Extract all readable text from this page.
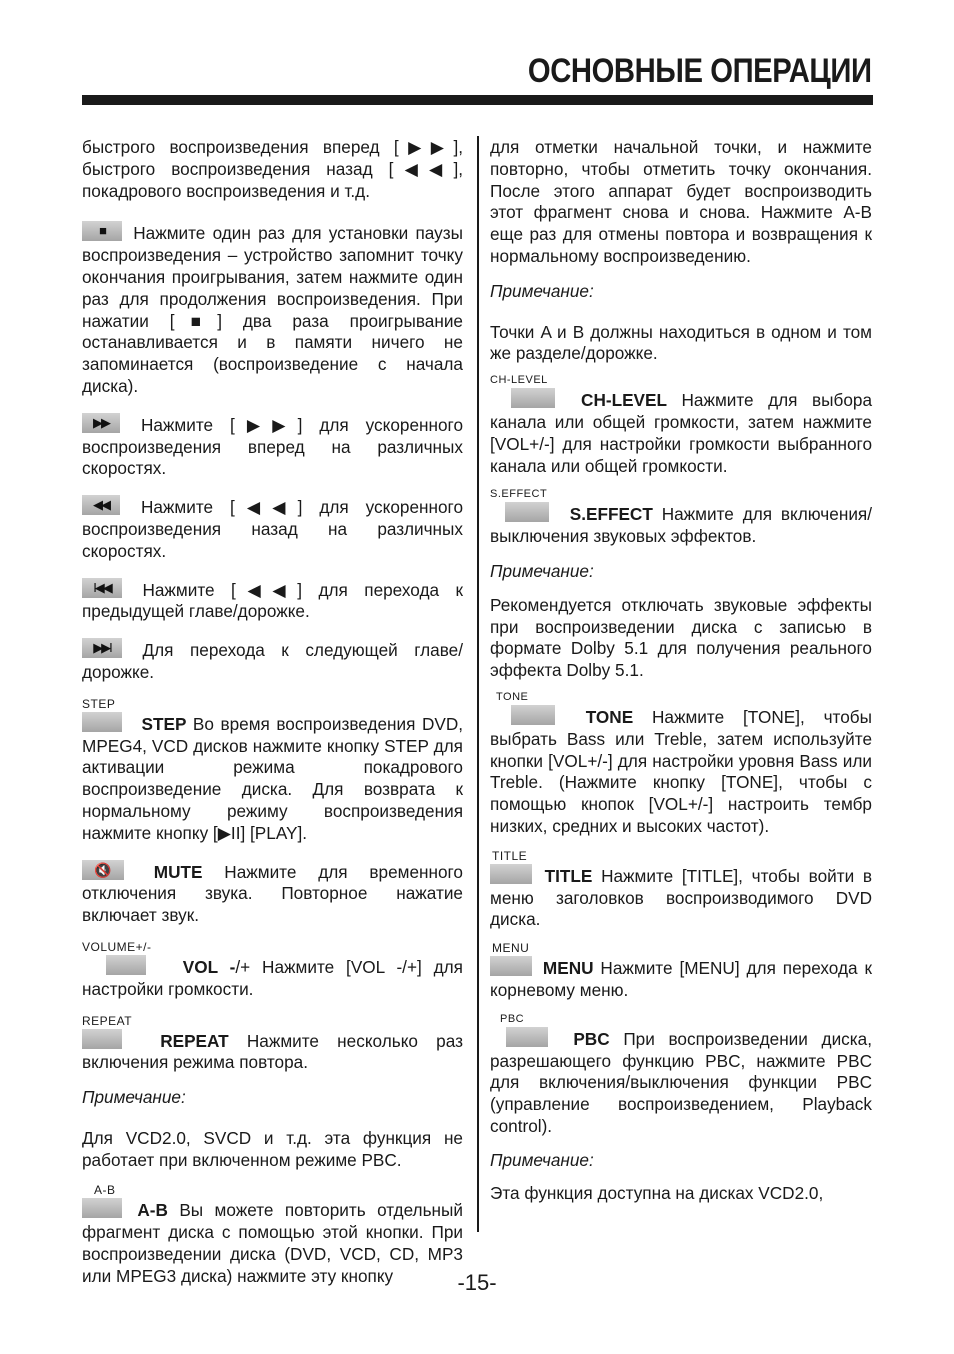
ОСНОВНЫЕ ОПЕРАЦИИ

быстрого воспроизведения вперед [▶▶], быстрого воспроизведения назад [◀◀], покадрового воспроизведения и т.д.

■	Нажмите один раз для установки паузы воспроизведения – устройство запомнит точку окончания проигрывания, затем нажмите один раз для продолжения воспроизведения. При нажатии [■] два раза проигрывание останавливается и в памяти ничего не запоминается (воспроизведение с начала диска).

▶▶	Нажмите [▶▶] для ускоренного воспроизведения вперед на различных скоростях.

◀◀	Нажмите [◀◀] для ускоренного воспроизведения назад на различных скоростях.

I◀◀	Нажмите [◀◀] для перехода к предыдущей главе/дорожке.

▶▶I	Для перехода к следующей главе/дорожке.

STEP

STEP Во время воспроизведения DVD, MPEG4, VCD дисков нажмите кнопку STEP для активации режима покадрового воспроизведение диска. Для возврата к нормальному режиму воспроизведения нажмите кнопку [▶II] [PLAY].

🔇	MUTE Нажмите для временного отключения звука. Повторное нажатие включает звук.

VOLUME+/-

VOL -/+ Нажмите [VOL -/+] для настройки громкости.

REPEAT

REPEAT Нажмите несколько раз включения режима повтора.

Примечание:

Для VCD2.0, SVCD и т.д. эта функция не работает при включенном режиме PBC.

A-B

A-B Вы можете повторить отдельный фрагмент диска с помощью этой кнопки. При воспроизведении диска (DVD, VCD, CD, MP3 или MPEG3 диска) нажмите эту кнопку

для отметки начальной точки, и нажмите повторно, чтобы отметить точку окончания. После этого аппарат будет воспроизводить этот фрагмент снова и снова. Нажмите A-B еще раз для отмены повтора и возвращения к нормальному воспроизведению.

Примечание:

Точки A и B должны находиться в одном и том же разделе/дорожке.

CH-LEVEL

CH-LEVEL Нажмите для выбора канала или общей громкости, затем нажмите [VOL+/-] для настройки громкости выбранного канала или общей громкости.

S.EFFECT

S.EFFECT Нажмите для включения/выключения звуковых эффектов.

Примечание:

Рекомендуется отключать звуковые эффекты при воспроизведении диска с записью в формате Dolby 5.1 для получения реального эффекта Dolby 5.1.

TONE

TONE Нажмите [TONE], чтобы выбрать Bass или Treble, затем используйте кнопки [VOL+/-] для настройки уровня Bass или Treble. (Нажмите кнопку [TONE], чтобы с помощью кнопок [VOL+/-] настроить тембр низких, средних и высоких частот).

TITLE

TITLE Нажмите [TITLE], чтобы войти в меню заголовков воспроизводимого DVD диска.

MENU

MENU Нажмите [MENU] для перехода к корневому меню.

PBC

PBC При воспроизведении диска, разрешающего функцию PBC, нажмите PBC для включения/выключения функции PBC (управление воспроизведением, Playback control).

Примечание:

Эта функция доступна на дисках VCD2.0,

-15-
